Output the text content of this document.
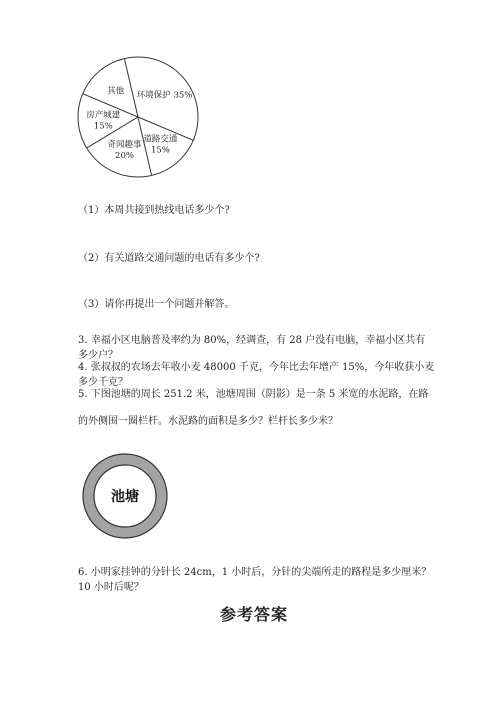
环境保护 35%
道路交通 15%
奇闻趣事 20%
房产城建 15%
其他
（1）本周共接到热线电话多少个?
（2）有关道路交通问题的电话有多少个?
（3）请你再提出一个问题并解答。
3. 幸福小区电脑普及率约为 80%，经调查，有 28 户没有电脑，幸福小区共有
多少户？
4. 张叔叔的农场去年收小麦 48000 千克，今年比去年增产 15%，今年收获小麦
多少千克？
5. 下图池塘的周长 251.2 米，池塘周围（阴影）是一条 5 米宽的水泥路，在路
的外侧围一圈栏杆。水泥路的面积是多少？栏杆长多少米？
池塘
6. 小明家挂钟的分针长 24cm，1 小时后，分针的尖端所走的路程是多少厘米？
10 小时后呢？
参考答案
